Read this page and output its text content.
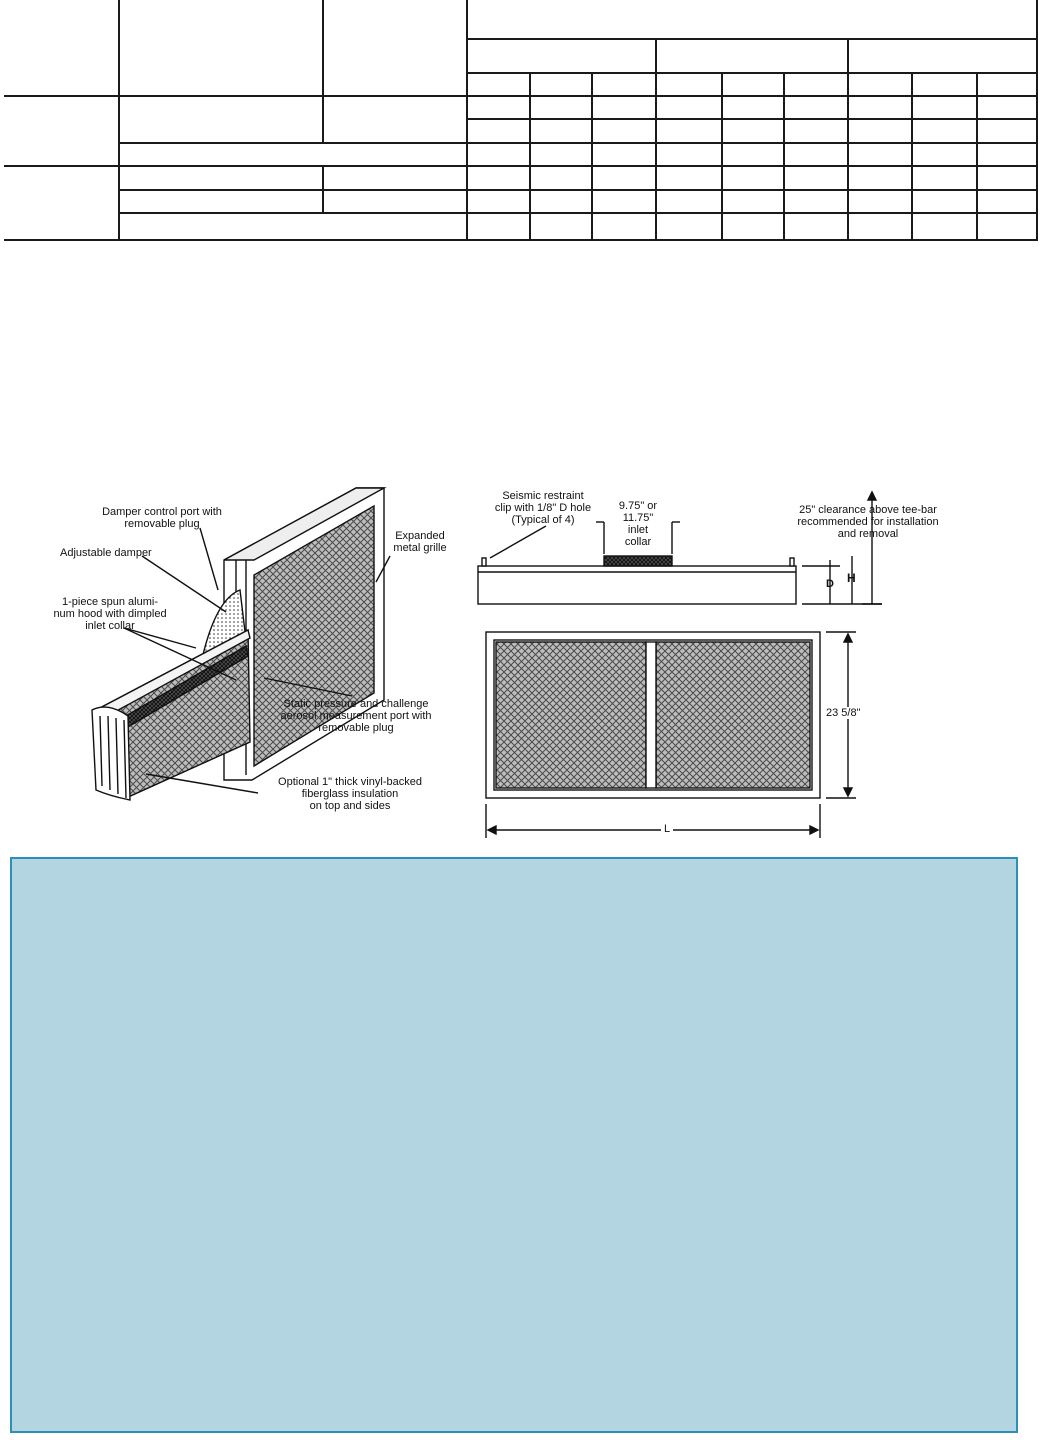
Damper control port with
removable plug
Adjustable damper
1-piece spun alumi-
num hood with dimpled
inlet collar
Expanded
metal grille
Static pressure and challenge
aerosol measurement port with
removable plug
Optional 1" thick vinyl-backed
fiberglass insulation
on top and sides
Seismic restraint
clip with 1/8" D hole
(Typical of 4)
9.75" or
11.75"
inlet
collar
25" clearance above tee-bar
recommended for installation
and removal
D H
23 5/8"
L
